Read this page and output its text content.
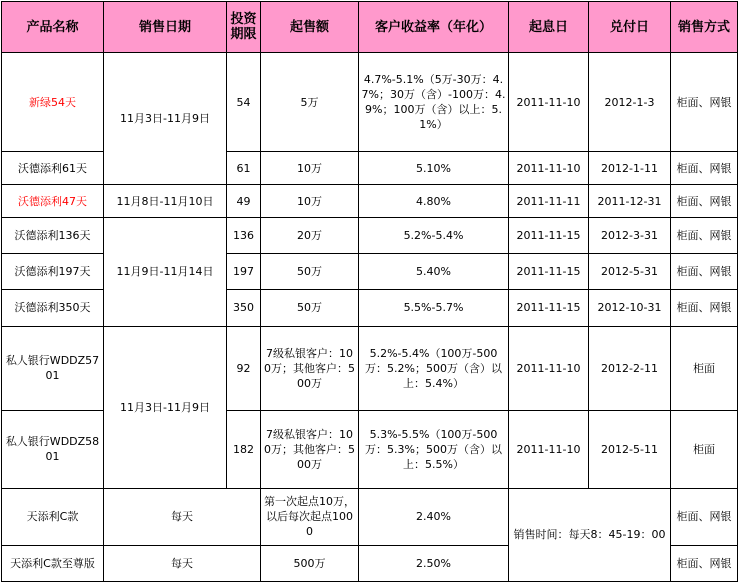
产品名称	销售日期	投资期限	起售额	客户收益率（年化）	起息日	兑付日	销售方式
新绿54天	11月3日-11月9日	54	5万	4.7%-5.1%（5万-30万：4.7%；30万（含）-100万：4.9%；100万（含）以上：5.1%）	2011-11-10	2012-1-3	柜面、网银
沃德添利61天		61	10万	5.10%	2011-11-10	2012-1-11	柜面、网银
沃德添利47天	11月8日-11月10日	49	10万	4.80%	2011-11-11	2011-12-31	柜面、网银
沃德添利136天	11月9日-11月14日	136	20万	5.2%-5.4%	2011-11-15	2012-3-31	柜面、网银
沃德添利197天		197	50万	5.40%	2011-11-15	2012-5-31	柜面、网银
沃德添利350天		350	50万	5.5%-5.7%	2011-11-15	2012-10-31	柜面、网银
私人银行WDDZ5701	11月3日-11月9日	92	7级私银客户：100万；其他客户：500万	5.2%-5.4%（100万-500万：5.2%；500万（含）以上：5.4%）	2011-11-10	2012-2-11	柜面
私人银行WDDZ5801		182	7级私银客户：100万；其他客户：500万	5.3%-5.5%（100万-500万：5.3%；500万（含）以上：5.5%）	2011-11-10	2012-5-11	柜面
天添利C款	每天		第一次起点10万，以后每次起点1000	2.40%	销售时间：每天8：45-19：00		柜面、网银
天添利C款至尊版	每天		500万	2.50%			柜面、网银
